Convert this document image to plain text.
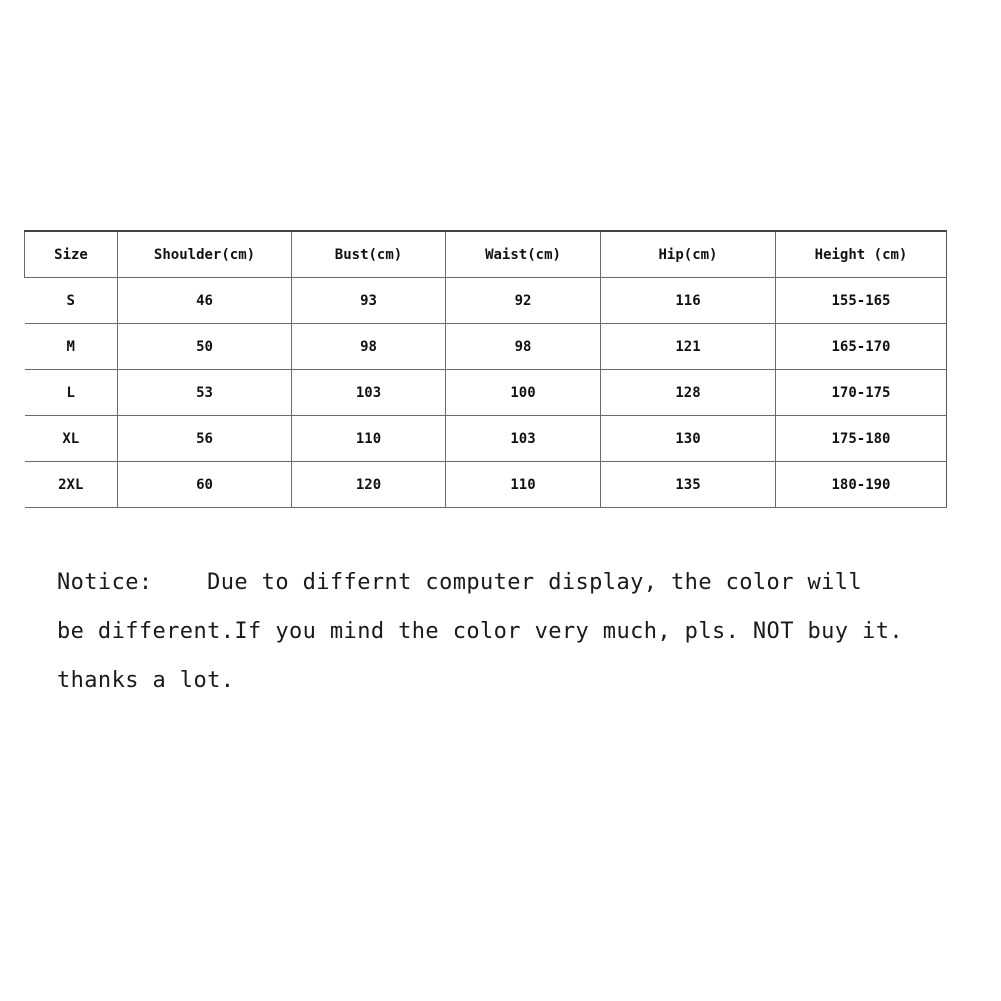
Size	Shoulder(cm)	Bust(cm)	Waist(cm)	Hip(cm)	Height (cm)
S	46	93	92	116	155-165
M	50	98	98	121	165-170
L	53	103	100	128	170-175
XL	56	110	103	130	175-180
2XL	60	120	110	135	180-190

Notice:    Due to differnt computer display, the color will

be different.If you mind the color very much, pls. NOT buy it.

thanks a lot.
